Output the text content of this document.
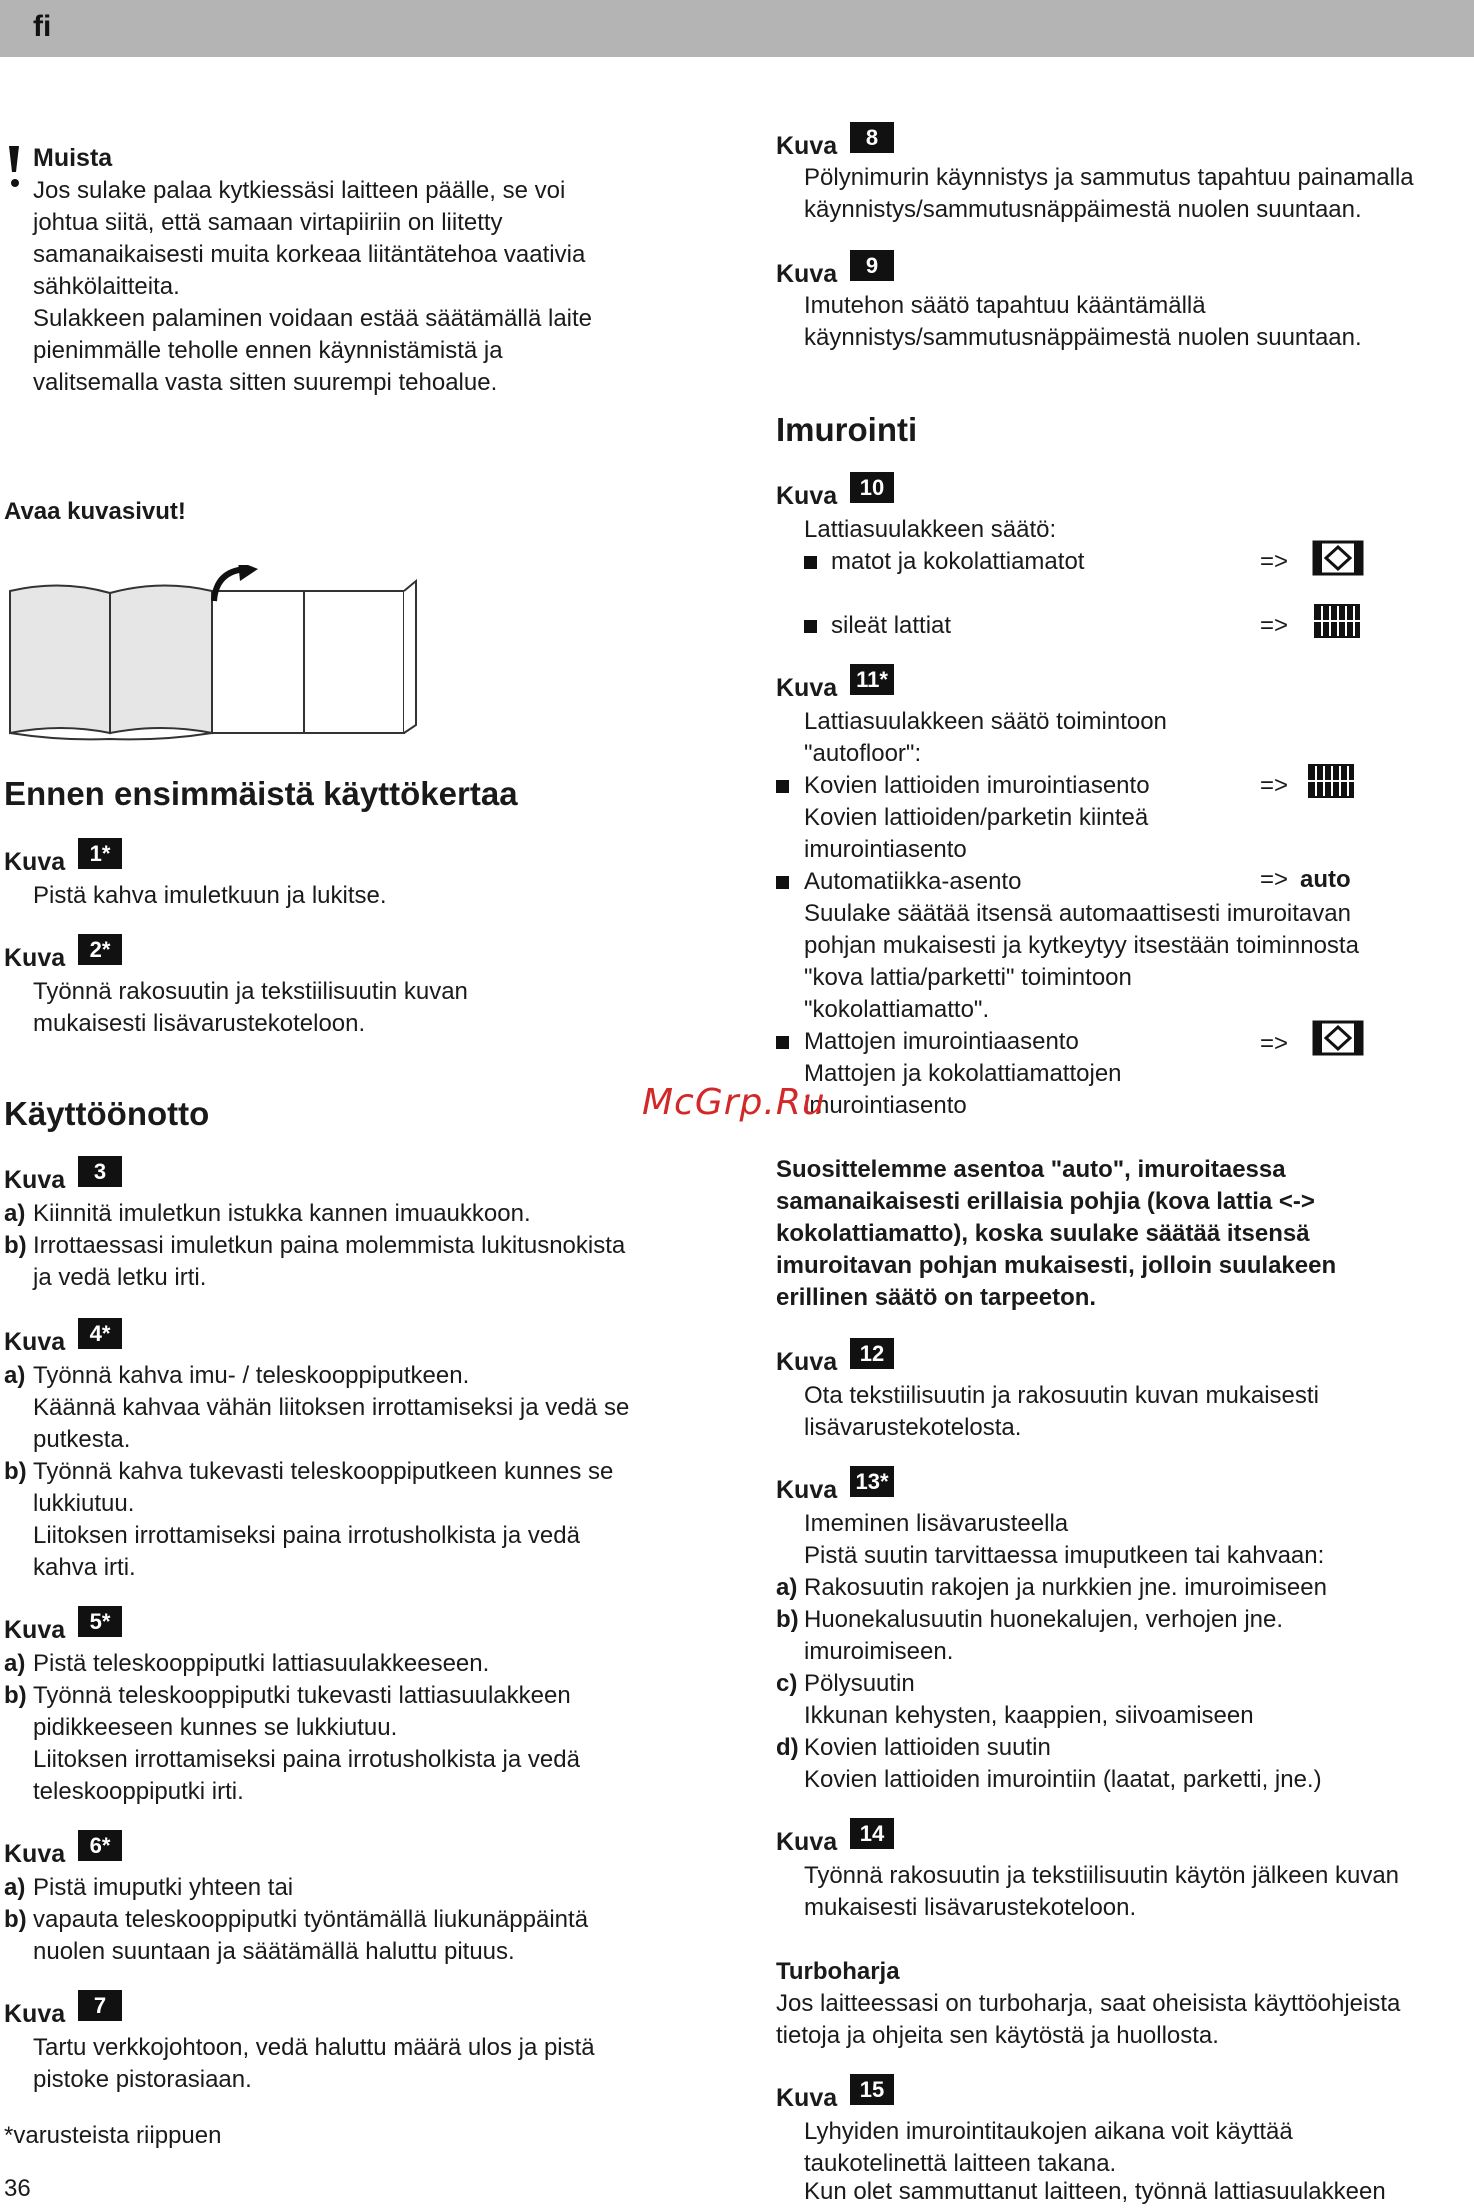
fi
Muista
Jos sulake palaa kytkiessäsi laitteen päälle, se voi
johtua siitä, että samaan virtapiiriin on liitetty
samanaikaisesti muita korkeaa liitäntätehoa vaativia
sähkölaitteita.
Sulakkeen palaminen voidaan estää säätämällä laite
pienimmälle teholle ennen käynnistämistä ja
valitsemalla vasta sitten suurempi tehoalue.
Avaa kuvasivut!
Ennen ensimmäistä käyttökertaa
Kuva	1*
Pistä kahva imuletkuun ja lukitse.
Kuva	2*
Työnnä rakosuutin ja tekstiilisuutin kuvan
mukaisesti lisävarustekoteloon.
Käyttöönotto
Kuva	3
a) Kiinnitä imuletkun istukka kannen imuaukkoon.
b) Irrottaessasi imuletkun paina molemmista lukitusnokista
ja vedä letku irti.
Kuva	4*
a) Työnnä kahva imu- / teleskooppiputkeen.
Käännä kahvaa vähän liitoksen irrottamiseksi ja vedä se
putkesta.
b) Työnnä kahva tukevasti teleskooppiputkeen kunnes se
lukkiutuu.
Liitoksen irrottamiseksi paina irrotusholkista ja vedä
kahva irti.
Kuva	5*
a) Pistä teleskooppiputki lattiasuulakkeeseen.
b) Työnnä teleskooppiputki tukevasti lattiasuulakkeen
pidikkeeseen kunnes se lukkiutuu.
Liitoksen irrottamiseksi paina irrotusholkista ja vedä
teleskooppiputki irti.
Kuva	6*
a) Pistä imuputki yhteen tai
b) vapauta teleskooppiputki työntämällä liukunäppäintä
nuolen suuntaan ja säätämällä haluttu pituus.
Kuva	7
Tartu verkkojohtoon, vedä haluttu määrä ulos ja pistä
pistoke pistorasiaan.
*varusteista riippuen
Kuva	8
Pölynimurin käynnistys ja sammutus tapahtuu painamalla
käynnistys/sammutusnäppäimestä nuolen suuntaan.
Kuva	9
Imutehon säätö tapahtuu kääntämällä
käynnistys/sammutusnäppäimestä nuolen suuntaan.
Imurointi
Kuva	10
Lattiasuulakkeen säätö:
matot ja kokolattiamatot	=>
sileät lattiat	=>
Kuva 11*
Lattiasuulakkeen säätö toimintoon
"autofloor":
Kovien lattioiden imurointiasento	=>
Kovien lattioiden/parketin kiinteä
imurointiasento
Automatiikka-asento	=> auto
Suulake säätää itsensä automaattisesti imuroitavan
pohjan mukaisesti ja kytkeytyy itsestään toiminnosta
"kova lattia/parketti" toimintoon
"kokolattiamatto".
Mattojen imurointiaasento	=>
Mattojen ja kokolattiamattojen
imurointiasento
Suosittelemme asentoa "auto", imuroitaessa
samanaikaisesti erillaisia pohjia (kova lattia <->
kokolattiamatto), koska suulake säätää itsensä
imuroitavan pohjan mukaisesti, jolloin suulakeen
erillinen säätö on tarpeeton.
Kuva	12
Ota tekstiilisuutin ja rakosuutin kuvan mukaisesti
lisävarustekotelosta.
Kuva 13*
Imeminen lisävarusteella
Pistä suutin tarvittaessa imuputkeen tai kahvaan:
a) Rakosuutin rakojen ja nurkkien jne. imuroimiseen
b) Huonekalusuutin huonekalujen, verhojen jne.
imuroimiseen.
c) Pölysuutin
Ikkunan kehysten, kaappien, siivoamiseen
d) Kovien lattioiden suutin
Kovien lattioiden imurointiin (laatat, parketti, jne.)
Kuva	14
Työnnä rakosuutin ja tekstiilisuutin käytön jälkeen kuvan
mukaisesti lisävarustekoteloon.
Turboharja
Jos laitteessasi on turboharja, saat oheisista käyttöohjeista
tietoja ja ohjeita sen käytöstä ja huollosta.
Kuva	15
Lyhyiden imurointitaukojen aikana voit käyttää
taukotelinettä laitteen takana.
Kun olet sammuttanut laitteen, työnnä lattiasuulakkeen
McGrp.Ru
36
